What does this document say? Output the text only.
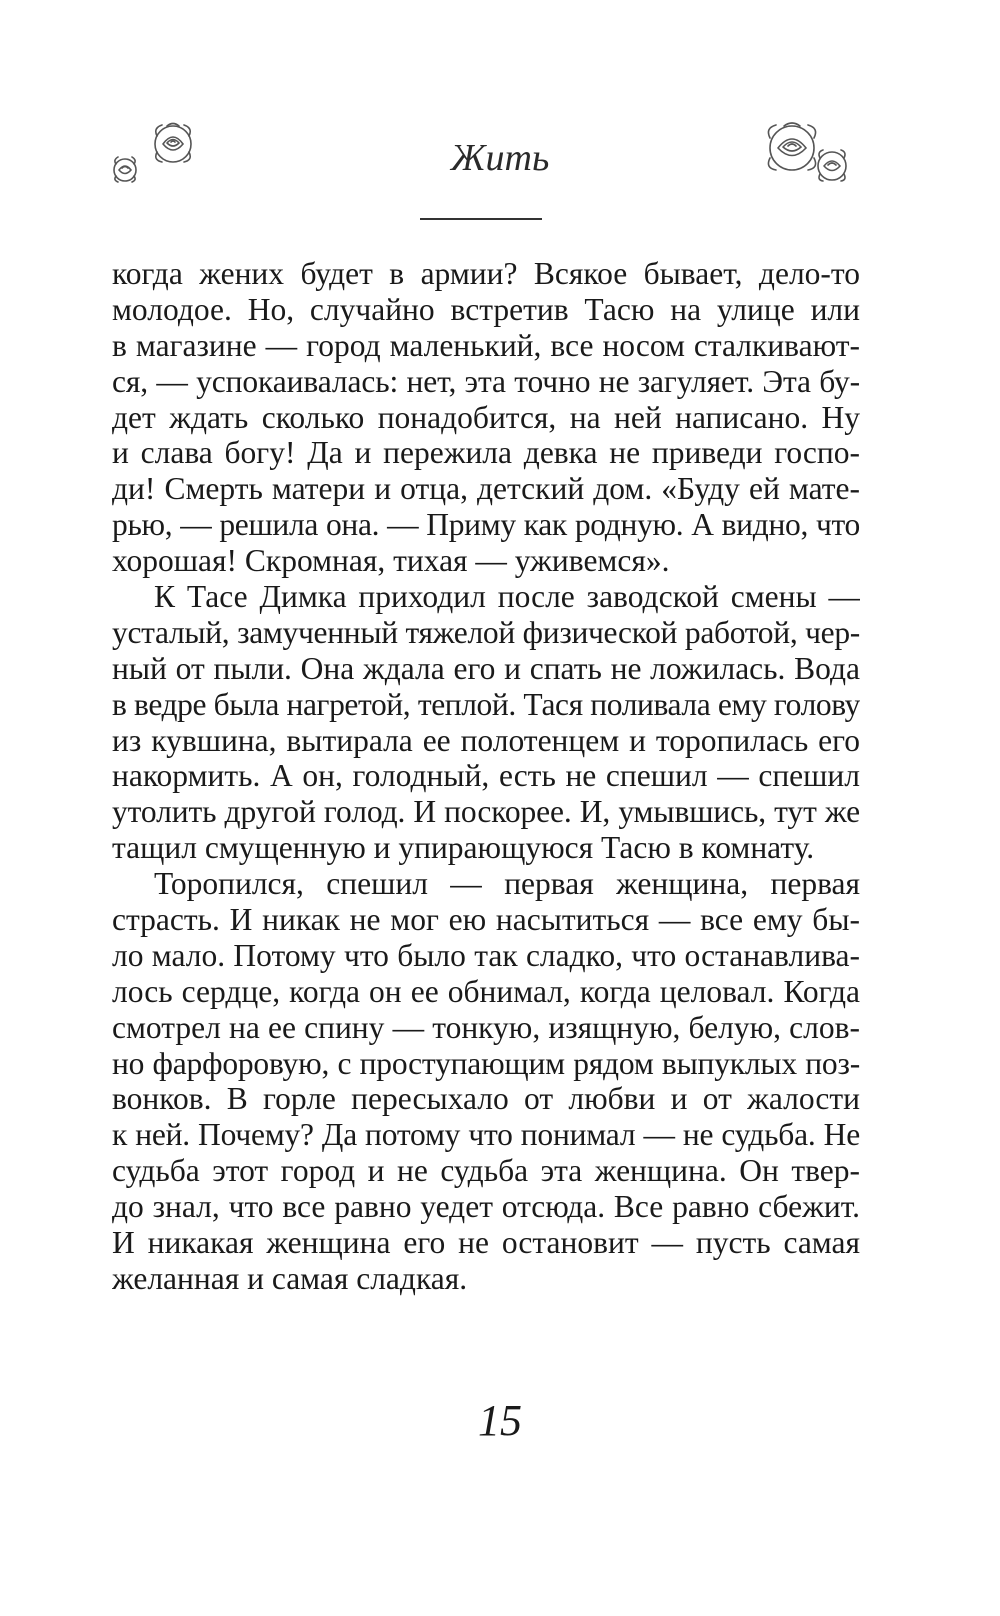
Жить
когда жених будет в армии? Всякое бывает, дело-то
молодое. Но, случайно встретив Тасю на улице или
в магазине — город маленький, все носом сталкивают-
ся, — успокаивалась: нет, эта точно не загуляет. Эта бу-
дет ждать сколько понадобится, на ней написано. Ну
и слава богу! Да и пережила девка не приведи госпо-
ди! Смерть матери и отца, детский дом. «Буду ей мате-
рью, — решила она. — Приму как родную. А видно, что
хорошая! Скромная, тихая — уживемся».
К Тасе Димка приходил после заводской смены —
усталый, замученный тяжелой физической работой, чер-
ный от пыли. Она ждала его и спать не ложилась. Вода
в ведре была нагретой, теплой. Тася поливала ему голову
из кувшина, вытирала ее полотенцем и торопилась его
накормить. А он, голодный, есть не спешил — спешил
утолить другой голод. И поскорее. И, умывшись, тут же
тащил смущенную и упирающуюся Тасю в комнату.
Торопился, спешил — первая женщина, первая
страсть. И никак не мог ею насытиться — все ему бы-
ло мало. Потому что было так сладко, что останавлива-
лось сердце, когда он ее обнимал, когда целовал. Когда
смотрел на ее спину — тонкую, изящную, белую, слов-
но фарфоровую, с проступающим рядом выпуклых поз-
вонков. В горле пересыхало от любви и от жалости
к ней. Почему? Да потому что понимал — не судьба. Не
судьба этот город и не судьба эта женщина. Он твер-
до знал, что все равно уедет отсюда. Все равно сбежит.
И никакая женщина его не остановит — пусть самая
желанная и самая сладкая.
15
